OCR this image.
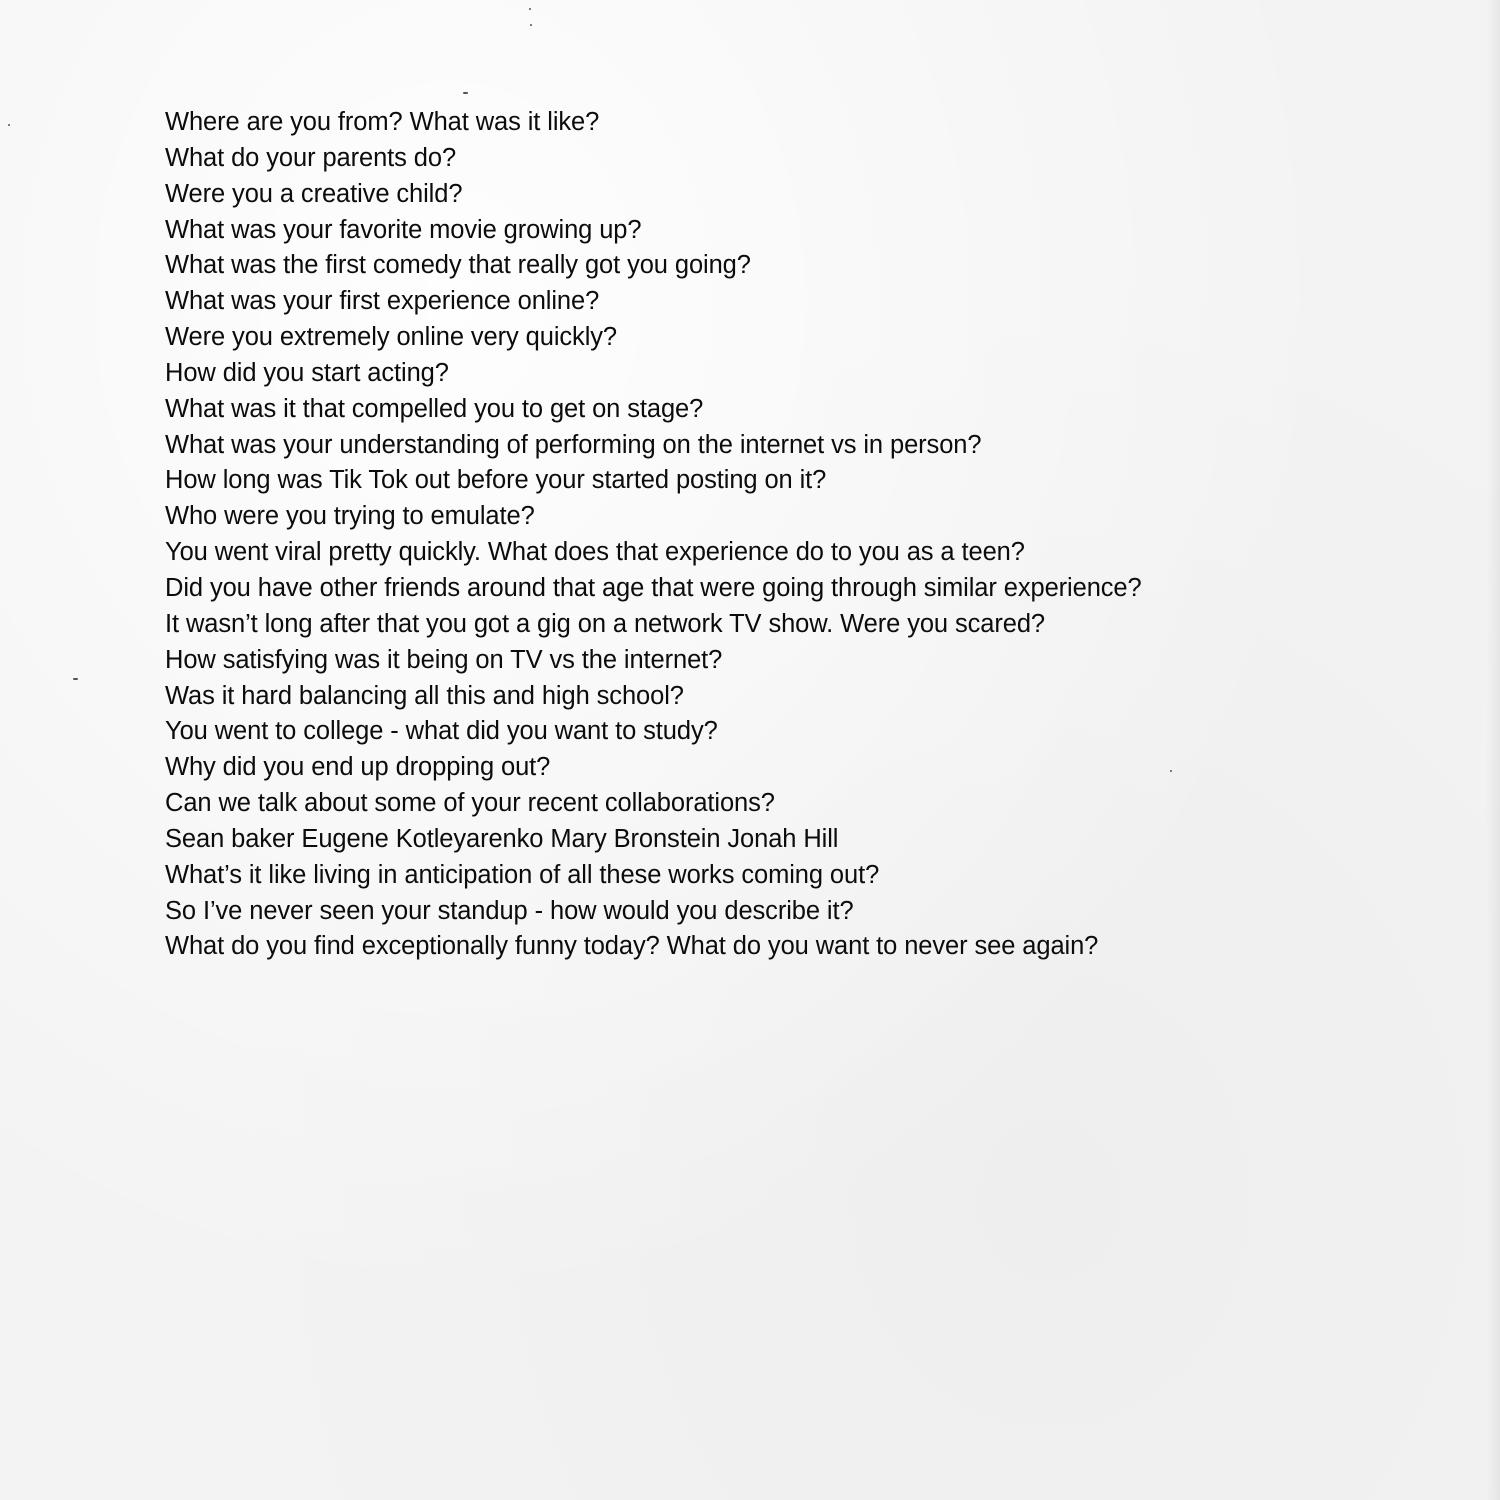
Where are you from? What was it like?
What do your parents do?
Were you a creative child?
What was your favorite movie growing up?
What was the first comedy that really got you going?
What was your first experience online?
Were you extremely online very quickly?
How did you start acting?
What was it that compelled you to get on stage?
What was your understanding of performing on the internet vs in person?
How long was Tik Tok out before your started posting on it?
Who were you trying to emulate?
You went viral pretty quickly. What does that experience do to you as a teen?
Did you have other friends around that age that were going through similar experience?
It wasn’t long after that you got a gig on a network TV show. Were you scared?
How satisfying was it being on TV vs the internet?
Was it hard balancing all this and high school?
You went to college - what did you want to study?
Why did you end up dropping out?
Can we talk about some of your recent collaborations?
Sean baker Eugene Kotleyarenko Mary Bronstein Jonah Hill
What’s it like living in anticipation of all these works coming out?
So I’ve never seen your standup - how would you describe it?
What do you find exceptionally funny today? What do you want to never see again?
